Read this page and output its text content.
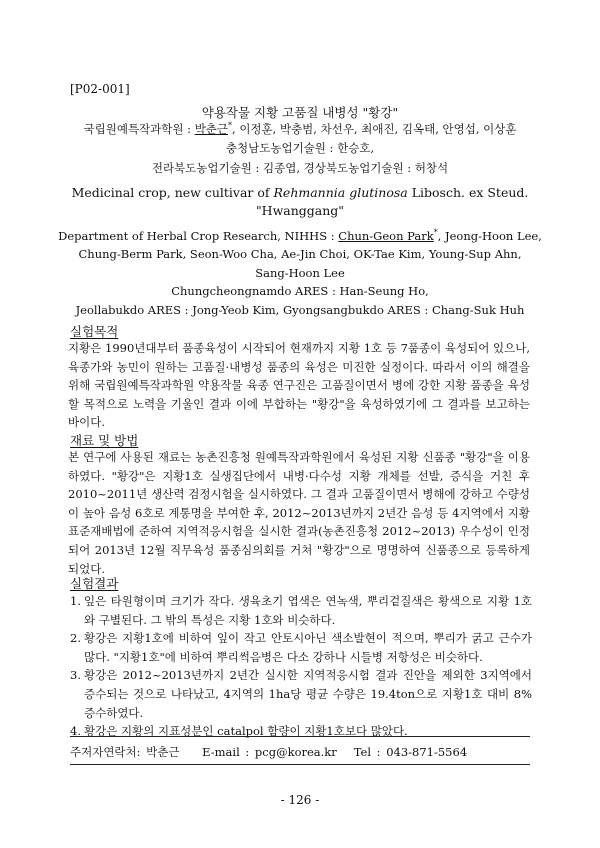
[P02-001]
약용작물 지황 고품질 내병성 "황강"
국립원예특작과학원 : 박춘근*, 이정훈, 박충범, 차선우, 최애진, 김옥태, 안영섭, 이상훈
충청남도농업기술원 : 한승호,
전라북도농업기술원 : 김종엽, 경상북도농업기술원 : 허창석
Medicinal crop, new cultivar of Rehmannia glutinosa Libosch. ex Steud.
"Hwanggang"
Department of Herbal Crop Research, NIHHS : Chun-Geon Park*, Jeong-Hoon Lee,
Chung-Berm Park, Seon-Woo Cha, Ae-Jin Choi, OK-Tae Kim, Young-Sup Ahn,
Sang-Hoon Lee
Chungcheongnamdo ARES : Han-Seung Ho,
Jeollabukdo ARES : Jong-Yeob Kim, Gyongsangbukdo ARES : Chang-Suk Huh
실험목적
지황은 1990년대부터 품종육성이 시작되어 현재까지 지황 1호 등 7품종이 육성되어 있으나, 육종가와 농민이 원하는 고품질·내병성 품종의 육성은 미진한 실정이다. 따라서 이의 해결을 위해 국립원예특작과학원 약용작물 육종 연구진은 고품질이면서 병에 강한 지황 품종을 육성할 목적으로 노력을 기울인 결과 이에 부합하는 "황강"을 육성하였기에 그 결과를 보고하는 바이다.
재료 및 방법
본 연구에 사용된 재료는 농촌진흥청 원예특작과학원에서 육성된 지황 신품종 "황강"을 이용하였다. "황강"은 지황1호 실생집단에서 내병·다수성 지황 개체를 선발, 증식을 거친 후 2010~2011년 생산력 검정시험을 실시하였다. 그 결과 고품질이면서 병해에 강하고 수량성이 높아 음성 6호로 계통명을 부여한 후, 2012~2013년까지 2년간 음성 등 4지역에서 지황 표준재배법에 준하여 지역적응시험을 실시한 결과(농촌진흥청 2012~2013) 우수성이 인정되어 2013년 12월 직무육성 품종심의회를 거쳐 "황강"으로 명명하여 신품종으로 등록하게 되었다.
실험결과
1. 잎은 타원형이며 크기가 작다. 생육초기 엽색은 연녹색, 뿌리겉질색은 황색으로 지황 1호와 구별된다. 그 밖의 특성은 지황 1호와 비슷하다.
2. 황강은 지황1호에 비하여 잎이 작고 안토시아닌 색소발현이 적으며, 뿌리가 굵고 근수가 많다. "지황1호"에 비하여 뿌리썩음병은 다소 강하나 시들병 저항성은 비슷하다.
3. 황강은 2012~2013년까지 2년간 실시한 지역적응시험 결과 진안을 제외한 3지역에서 증수되는 것으로 나타났고, 4지역의 1ha당 평균 수량은 19.4ton으로 지황1호 대비 8% 증수하였다.
4. 황강은 지황의 지표성분인 catalpol 함량이 지황1호보다 많았다.
주저자연락처: 박춘근 E-mail : pcg@korea.kr Tel : 043-871-5564
- 126 -
